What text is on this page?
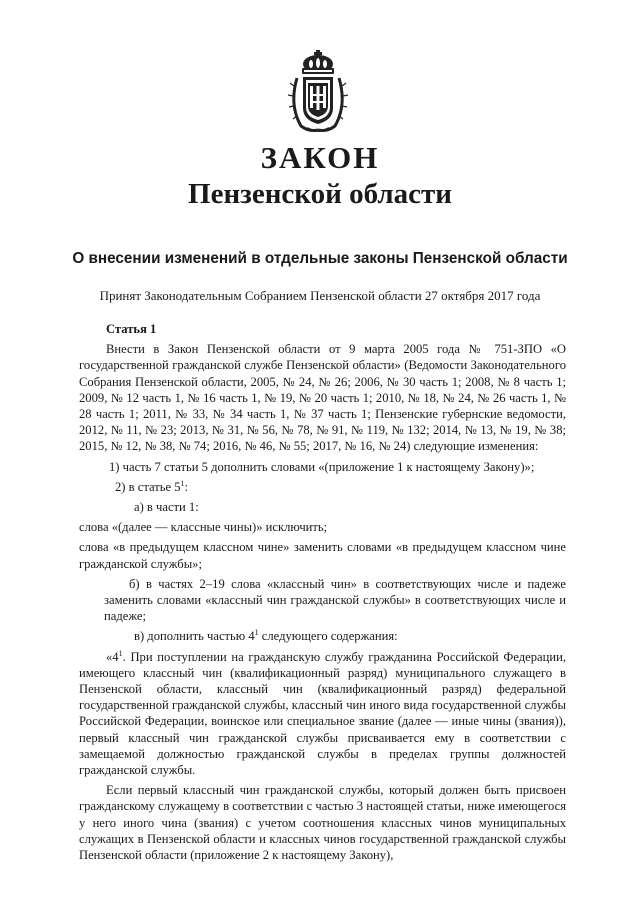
ЗАКОН
Пензенской области
О внесении изменений в отдельные законы Пензенской области
Принят Законодательным Собранием Пензенской области 27 октября 2017 года

Статья 1

Внести в Закон Пензенской области от 9 марта 2005 года № 751-ЗПО «О государственной гражданской службе Пензенской области» (Ведомости Законодательного Собрания Пензенской области, 2005, № 24, № 26; 2006, № 30 часть 1; 2008, № 8 часть 1; 2009, № 12 часть 1, № 16 часть 1, № 19, № 20 часть 1; 2010, № 18, № 24, № 26 часть 1, № 28 часть 1; 2011, № 33, № 34 часть 1, № 37 часть 1; Пензенские губернские ведомости, 2012, № 11, № 23; 2013, № 31, № 56, № 78, № 91, № 119, № 132; 2014, № 13, № 19, № 38; 2015, № 12, № 38, № 74; 2016, № 46, № 55; 2017, № 16, № 24) следующие изменения:

1) часть 7 статьи 5 дополнить словами «(приложение 1 к настоящему Закону)»;

2) в статье $5^1$:

а) в части 1:

слова «(далее — классные чины)» исключить;

слова «в предыдущем классном чине» заменить словами «в предыдущем классном чине гражданской службы»;

б) в частях 2–19 слова «классный чин» в соответствующих числе и падеже заменить словами «классный чин гражданской службы» в соответствующих числе и падеже;

в) дополнить частью $4^1$ следующего содержания:

«$4^1$. При поступлении на гражданскую службу гражданина Российской Федерации, имеющего классный чин (квалификационный разряд) муниципального служащего в Пензенской области, классный чин (квалификационный разряд) федеральной государственной гражданской службы, классный чин иного вида государственной службы Российской Федерации, воинское или специальное звание (далее — иные чины (звания)), первый классный чин гражданской службы присваивается ему в соответствии с замещаемой должностью гражданской службы в пределах группы должностей гражданской службы.

Если первый классный чин гражданской службы, который должен быть присвоен гражданскому служащему в соответствии с частью 3 настоящей статьи, ниже имеющегося у него иного чина (звания) с учетом соотношения классных чинов муниципальных служащих в Пензенской области и классных чинов государственной гражданской службы Пензенской области (приложение 2 к настоящему Закону),
